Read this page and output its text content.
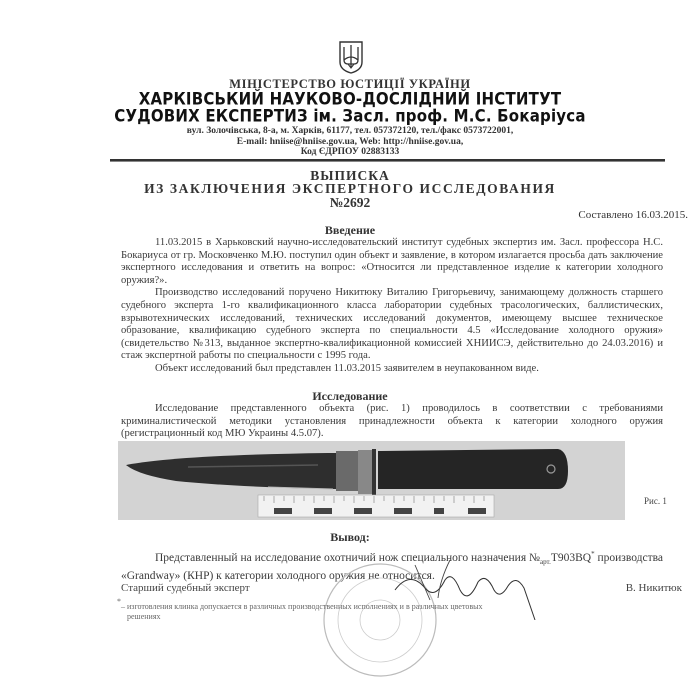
МІНІСТЕРСТВО ЮСТИЦІЇ УКРАЇНИ
ХАРКІВСЬКИЙ НАУКОВО-ДОСЛІДНИЙ ІНСТИТУТ
СУДОВИХ ЕКСПЕРТИЗ ім. Засл. проф. М.С. Бокаріуса
вул. Золочівська, 8-а, м. Харків, 61177, тел. 057372120, тел./факс 0573722001,
E-mail: hniise@hniise.gov.ua, Web: http://hniise.gov.ua,
Код ЄДРПОУ 02883133
ВЫПИСКА
ИЗ ЗАКЛЮЧЕНИЯ ЭКСПЕРТНОГО ИССЛЕДОВАНИЯ
№2692
Составлено 16.03.2015.
Введение

11.03.2015 в Харьковский научно-исследовательский институт судебных экспертиз им. Засл. профессора Н.С. Бокариуса от гр. Московченко М.Ю. поступил один объект и заявление, в котором излагается просьба дать заключение экспертного исследования и ответить на вопрос: «Относится ли представленное изделие к категории холодного оружия?».

Производство исследований поручено Никитюку Виталию Григорьевичу, занимающему должность старшего судебного эксперта 1-го квалификационного класса лаборатории судебных трасологических, баллистических, взрывотехнических исследований, технических исследований документов, имеющему высшее техническое образование, квалификацию судебного эксперта по специальности 4.5 «Исследование холодного оружия» (свидетельство №313, выданное экспертно-квалификационной комиссией ХНИИСЭ, действительно до 24.03.2016) и стаж экспертной работы по специальности с 1995 года.

Объект исследований был представлен 11.03.2015 заявителем в неупакованном виде.

Исследование

Исследование представленного объекта (рис. 1) проводилось в соответствии с требованиями криминалистической методики установления принадлежности объекта к категории холодного оружия (регистрационный код МЮ Украины 4.5.07).

Рис. 1
Вывод:

Представленный на исследование охотничий нож специального назначения $№_{арт.}T903BQ^*$ производства «Grandway» (КНР) к категории холодного оружия не относится.

Старший судебный эксперт	В. Никитюк
*
– изготовления клинка допускается в различных производственных исполнениях и в различных цветовых
решениях
